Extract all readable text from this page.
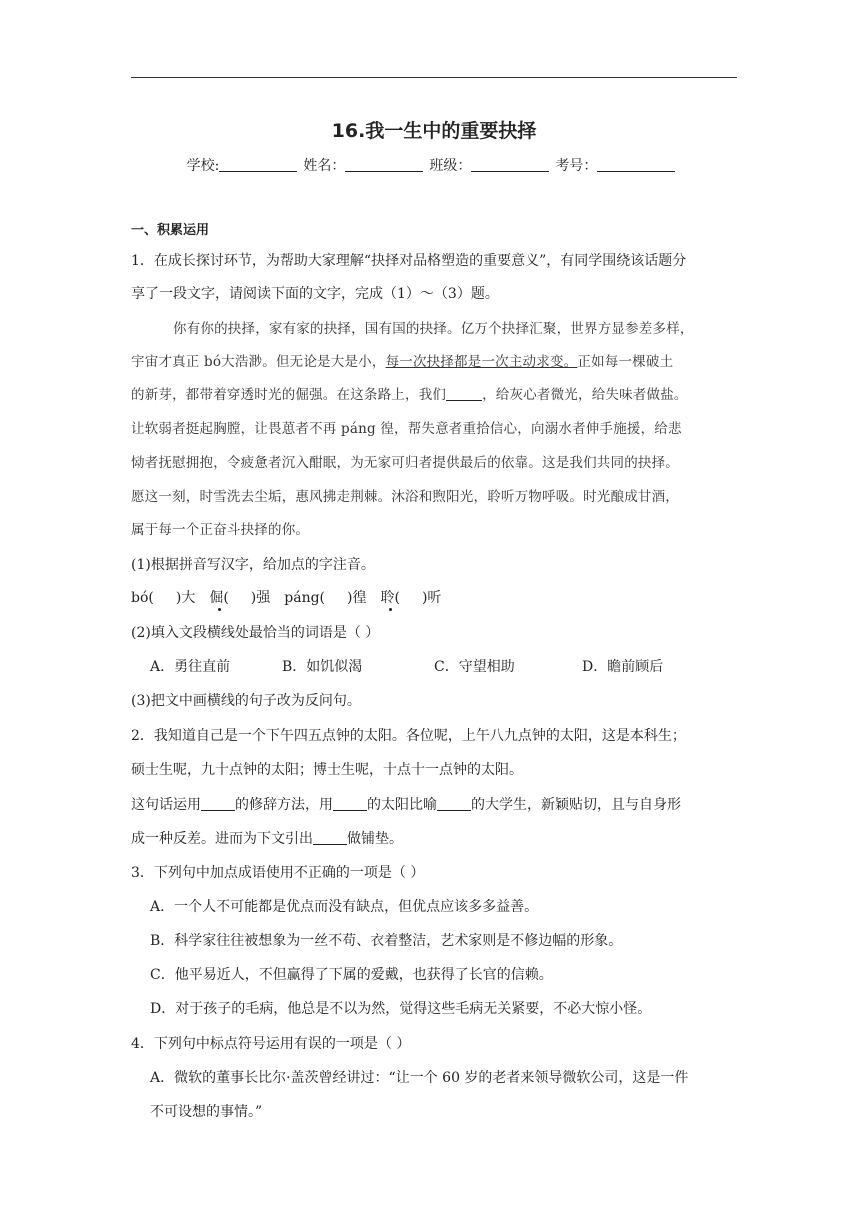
16.我一生中的重要抉择
学校:	姓名：	班级：	考号：
一、积累运用
1．在成长探讨环节，为帮助大家理解“抉择对品格塑造的重要意义”，有同学围绕该话题分
享了一段文字，请阅读下面的文字，完成（1）～（3）题。
你有你的抉择，家有家的抉择，国有国的抉择。亿万个抉择汇聚，世界方显参差多样，
宇宙才真正 bó大浩渺。但无论是大是小，每一次抉择都是一次主动求变。正如每一棵破土
的新芽，都带着穿透时光的倔强。在这条路上，我们	，给灰心者微光，给失味者做盐。
让软弱者挺起胸膛，让畏葸者不再 páng 徨，帮失意者重拾信心，向溺水者伸手施援，给悲
恸者抚慰拥抱，令疲惫者沉入酣眠，为无家可归者提供最后的依靠。这是我们共同的抉择。
愿这一刻，时雪洗去尘垢，惠风拂走荆棘。沐浴和煦阳光，聆听万物呼吸。时光酿成甘酒，
属于每一个正奋斗抉择的你。
(1)根据拼音写汉字，给加点的字注音。
bó( )大 倔( )强 páng( )徨 聆( )听
(2)填入文段横线处最恰当的词语是（ ）
A．勇往直前	B．如饥似渴	C．守望相助	D．瞻前顾后
(3)把文中画横线的句子改为反问句。
2．我知道自己是一个下午四五点钟的太阳。各位呢，上午八九点钟的太阳，这是本科生；
硕士生呢，九十点钟的太阳；博士生呢，十点十一点钟的太阳。
这句话运用 的修辞方法，用 的太阳比喻 的大学生，新颖贴切，且与自身形
成一种反差。进而为下文引出 做铺垫。
3．下列句中加点成语使用不正确的一项是（ ）
A．一个人不可能都是优点而没有缺点，但优点应该多多益善。
B．科学家往往被想象为一丝不苟、衣着整洁，艺术家则是不修边幅的形象。
C．他平易近人，不但赢得了下属的爱戴，也获得了长官的信赖。
D．对于孩子的毛病，他总是不以为然，觉得这些毛病无关紧要，不必大惊小怪。
4．下列句中标点符号运用有误的一项是（ ）
A．微软的董事长比尔·盖茨曾经讲过：“让一个 60 岁的老者来领导微软公司，这是一件
不可设想的事情。”
